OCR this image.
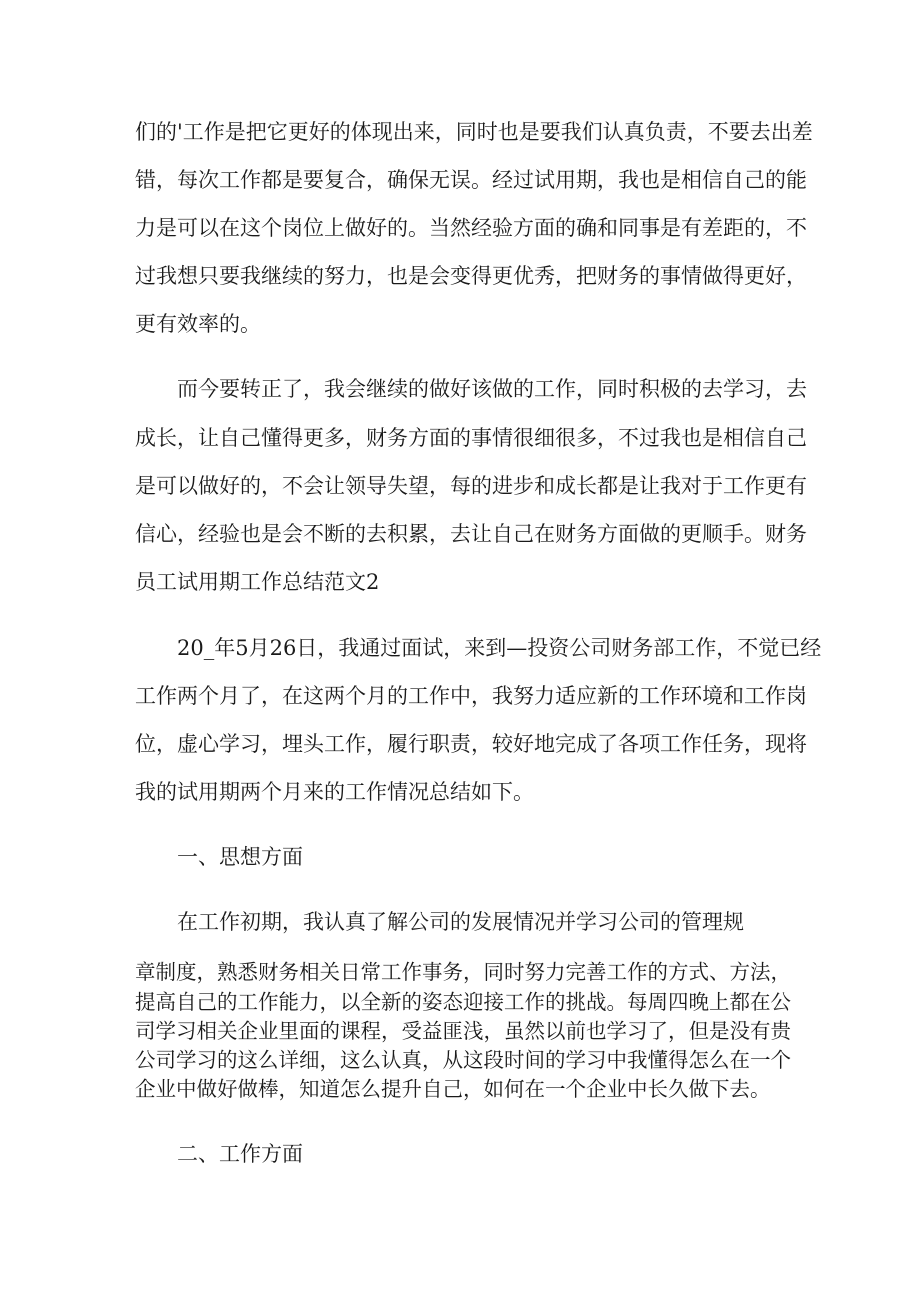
们的'工作是把它更好的体现出来，同时也是要我们认真负责，不要去出差
错，每次工作都是要复合，确保无误。经过试用期，我也是相信自己的能
力是可以在这个岗位上做好的。当然经验方面的确和同事是有差距的，不
过我想只要我继续的努力，也是会变得更优秀，把财务的事情做得更好，
更有效率的。
而今要转正了，我会继续的做好该做的工作，同时积极的去学习，去
成长，让自己懂得更多，财务方面的事情很细很多，不过我也是相信自己
是可以做好的，不会让领导失望，每的进步和成长都是让我对于工作更有
信心，经验也是会不断的去积累，去让自己在财务方面做的更顺手。财务
员工试用期工作总结范文2
20_年5月26日，我通过面试，来到—投资公司财务部工作，不觉已经
工作两个月了，在这两个月的工作中，我努力适应新的工作环境和工作岗
位，虚心学习，埋头工作，履行职责，较好地完成了各项工作任务，现将
我的试用期两个月来的工作情况总结如下。
一、思想方面
在工作初期，我认真了解公司的发展情况并学习公司的管理规
章制度，熟悉财务相关日常工作事务，同时努力完善工作的方式、方法，
提高自己的工作能力，以全新的姿态迎接工作的挑战。每周四晚上都在公
司学习相关企业里面的课程，受益匪浅，虽然以前也学习了，但是没有贵
公司学习的这么详细，这么认真，从这段时间的学习中我懂得怎么在一个
企业中做好做棒，知道怎么提升自己，如何在一个企业中长久做下去。
二、工作方面
